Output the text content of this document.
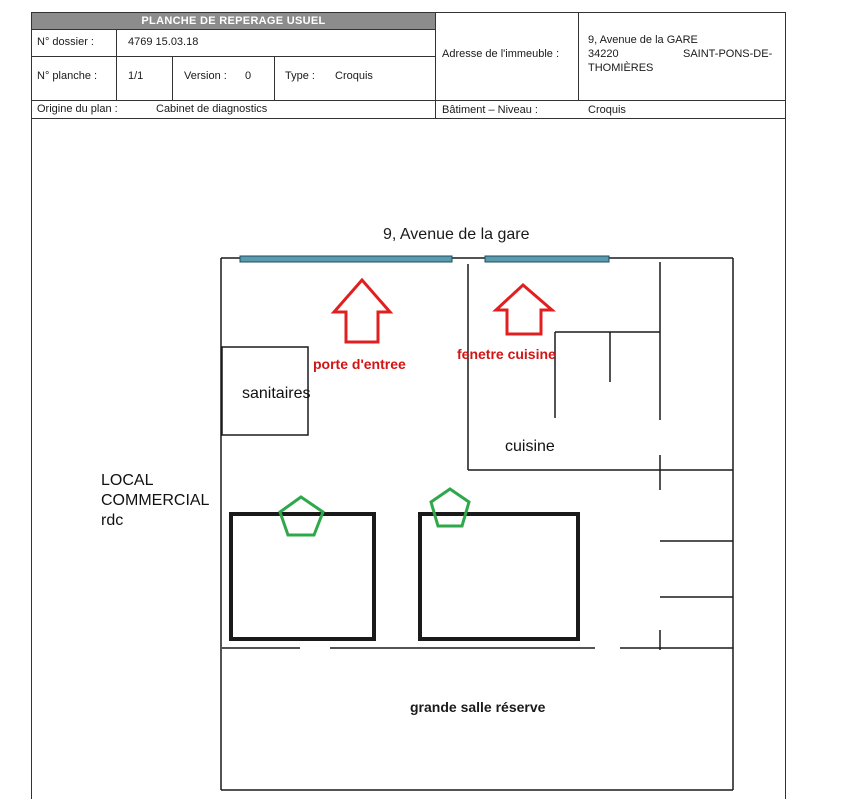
PLANCHE DE REPERAGE USUEL
N° dossier :	4769 15.03.18
N° planche :	1/1	Version : 0	Type : Croquis
Adresse de l'immeuble :
9, Avenue de la GARE
34220	SAINT-PONS-DE-
THOMIÈRES
Origine du plan :	Cabinet de diagnostics	Bâtiment – Niveau :	Croquis
9, Avenue de la gare
porte d'entree
fenetre cuisine
sanitaires
cuisine
LOCAL
COMMERCIAL
rdc
grande salle réserve
